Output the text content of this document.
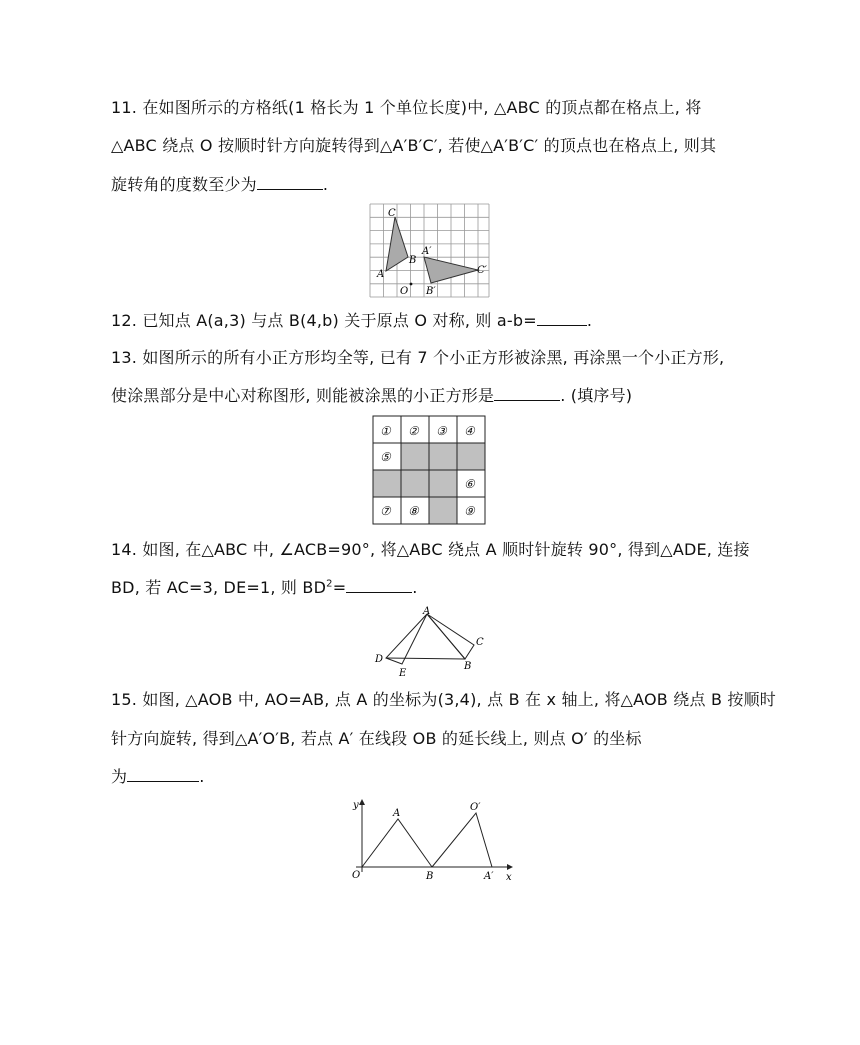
11. 在如图所示的方格纸(1 格长为 1 个单位长度)中, △ABC 的顶点都在格点上, 将
△ABC 绕点 O 按顺时针方向旋转得到△A′B′C′, 若使△A′B′C′ 的顶点也在格点上, 则其
旋转角的度数至少为	.
C
A
B
A′
C′
O B′
12. 已知点 A(a,3) 与点 B(4,b) 关于原点 O 对称, 则 a-b=	.
13. 如图所示的所有小正方形均全等, 已有 7 个小正方形被涂黑, 再涂黑一个小正方形,
使涂黑部分是中心对称图形, 则能被涂黑的小正方形是	. (填序号)
① ② ③ ④
⑤
⑥
⑦ ⑧	⑨
14. 如图, 在△ABC 中, ∠ACB=90°, 将△ABC 绕点 A 顺时针旋转 90°, 得到△ADE, 连接
BD, 若 AC=3, DE=1, 则 $BD^2=$	.
A
C
D
B
E
15. 如图, △AOB 中, AO=AB, 点 A 的坐标为(3,4), 点 B 在 x 轴上, 将△AOB 绕点 B 按顺时
针方向旋转, 得到△A′O′B, 若点 A′ 在线段 OB 的延长线上, 则点 O′ 的坐标
为	.
y
A
O′
O	B	A′ x
